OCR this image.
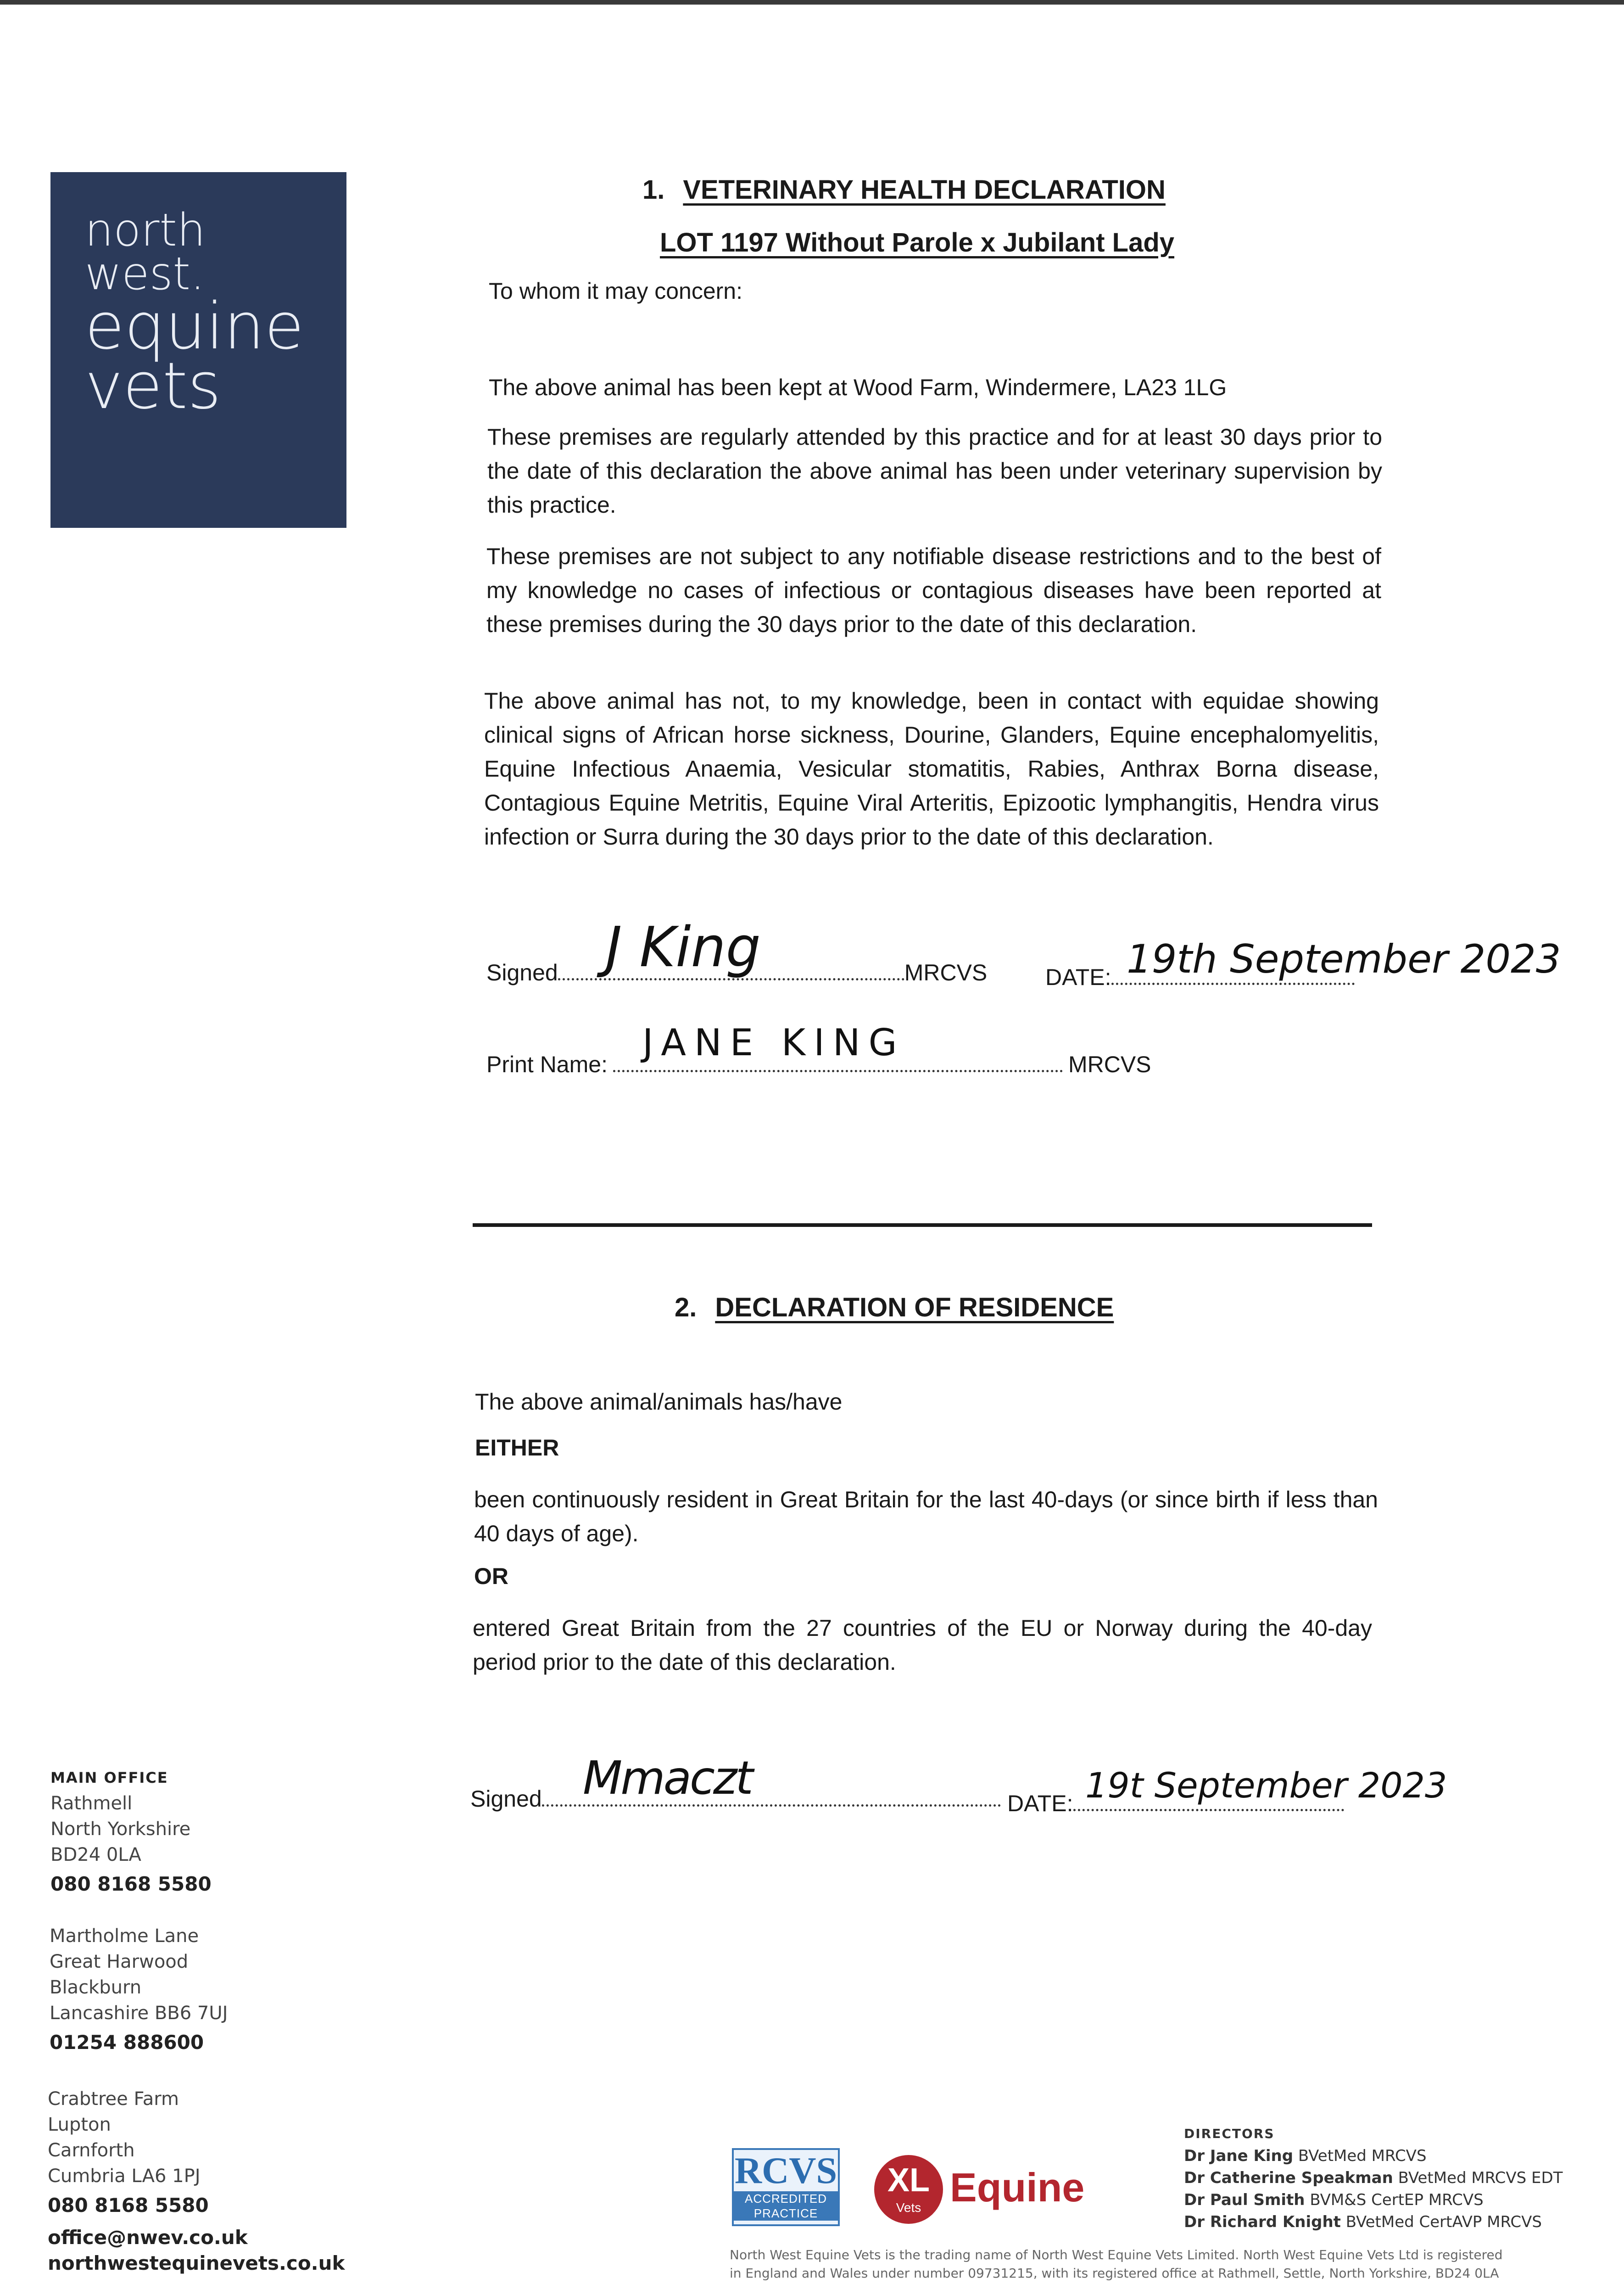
north
west.
equine
vets
1. VETERINARY HEALTH DECLARATION
LOT 1197 Without Parole x Jubilant Lady
To whom it may concern:
The above animal has been kept at Wood Farm, Windermere, LA23 1LG
These premises are regularly attended by this practice and for at least 30 days prior to the date of this declaration the above animal has been under veterinary supervision by this practice.
These premises are not subject to any notifiable disease restrictions and to the best of my knowledge no cases of infectious or contagious diseases have been reported at these premises during the 30 days prior to the date of this declaration.
The above animal has not, to my knowledge, been in contact with equidae showing clinical signs of African horse sickness, Dourine, Glanders, Equine encephalomyelitis, Equine Infectious Anaemia, Vesicular stomatitis, Rabies, Anthrax Borna disease, Contagious Equine Metritis, Equine Viral Arteritis, Epizootic lymphangitis, Hendra virus infection or Surra during the 30 days prior to the date of this declaration.
Signed	MRCVS
J King	DATE: 19th September 2023
Print Name:	MRCVS
JANE KING
2. DECLARATION OF RESIDENCE
The above animal/animals has/have
EITHER
been continuously resident in Great Britain for the last 40-days (or since birth if less than 40 days of age).
OR
entered Great Britain from the 27 countries of the EU or Norway during the 40-day period prior to the date of this declaration.
Signed Mmaczt	DATE: 19t September 2023
MAIN OFFICE
Rathmell
North Yorkshire
BD24 0LA
080 8168 5580
Martholme Lane
Great Harwood
Blackburn
Lancashire BB6 7UJ
01254 888600
Crabtree Farm
Lupton
Carnforth
Cumbria LA6 1PJ
080 8168 5580
office@nwev.co.uk
northwestequinevets.co.uk
RCVS
ACCREDITED
PRACTICE
XL
Vets Equine
DIRECTORS
Dr Jane King BVetMed MRCVS
Dr Catherine Speakman BVetMed MRCVS EDT
Dr Paul Smith BVM&S CertEP MRCVS
Dr Richard Knight BVetMed CertAVP MRCVS
North West Equine Vets is the trading name of North West Equine Vets Limited. North West Equine Vets Ltd is registered
in England and Wales under number 09731215, with its registered office at Rathmell, Settle, North Yorkshire, BD24 0LA
